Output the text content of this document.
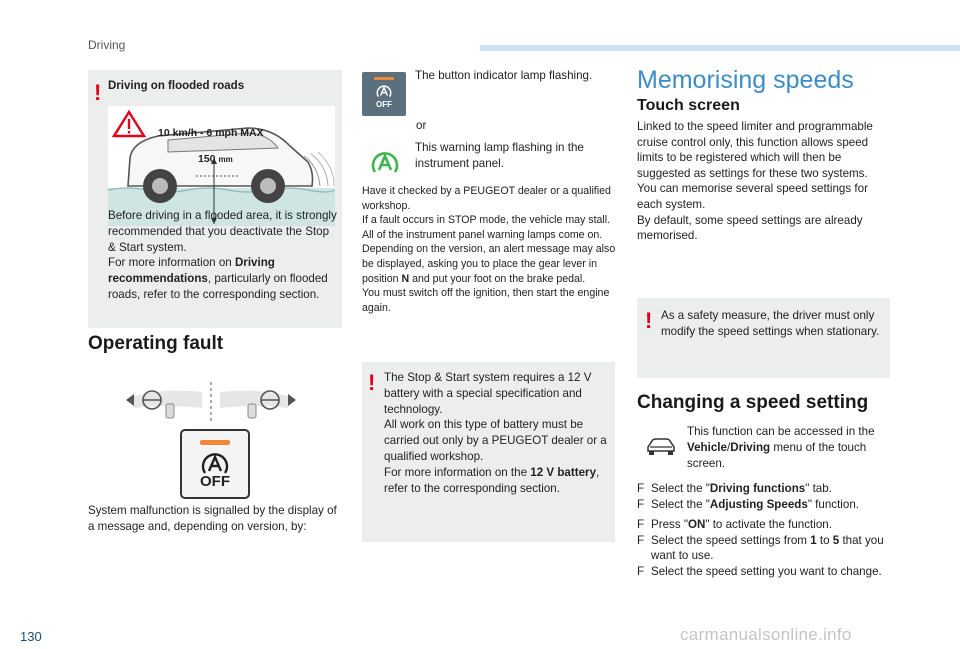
Driving
! Driving on flooded roads
10 km/h - 6 mph MAX
150 mm

Before driving in a flooded area, it is strongly recommended that you deactivate the Stop & Start system.

For more information on Driving recommendations, particularly on flooded roads, refer to the corresponding section.

Operating fault
OFF
System malfunction is signalled by the display of a message and, depending on version, by:
OFF
The button indicator lamp flashing.
or
This warning lamp flashing in the instrument panel.

Have it checked by a PEUGEOT dealer or a qualified workshop.

If a fault occurs in STOP mode, the vehicle may stall.

All of the instrument panel warning lamps come on.

Depending on the version, an alert message may also be displayed, asking you to place the gear lever in position N and put your foot on the brake pedal.

You must switch off the ignition, then start the engine again.

! The Stop & Start system requires a 12 V battery with a special specification and technology.

All work on this type of battery must be carried out only by a PEUGEOT dealer or a qualified workshop.

For more information on the 12 V battery, refer to the corresponding section.

Memorising speeds
Touch screen

Linked to the speed limiter and programmable cruise control only, this function allows speed limits to be registered which will then be suggested as settings for these two systems.

You can memorise several speed settings for each system.

By default, some speed settings are already memorised.

! As a safety measure, the driver must only modify the speed settings when stationary.
Changing a speed setting
This function can be accessed in the Vehicle/Driving menu of the touch screen.
F Select the "Driving functions" tab.
F Select the "Adjusting Speeds" function.
F Press "ON" to activate the function.
F Select the speed settings from 1 to 5 that you want to use.
F Select the speed setting you want to change.
130	carmanualsonline.info
